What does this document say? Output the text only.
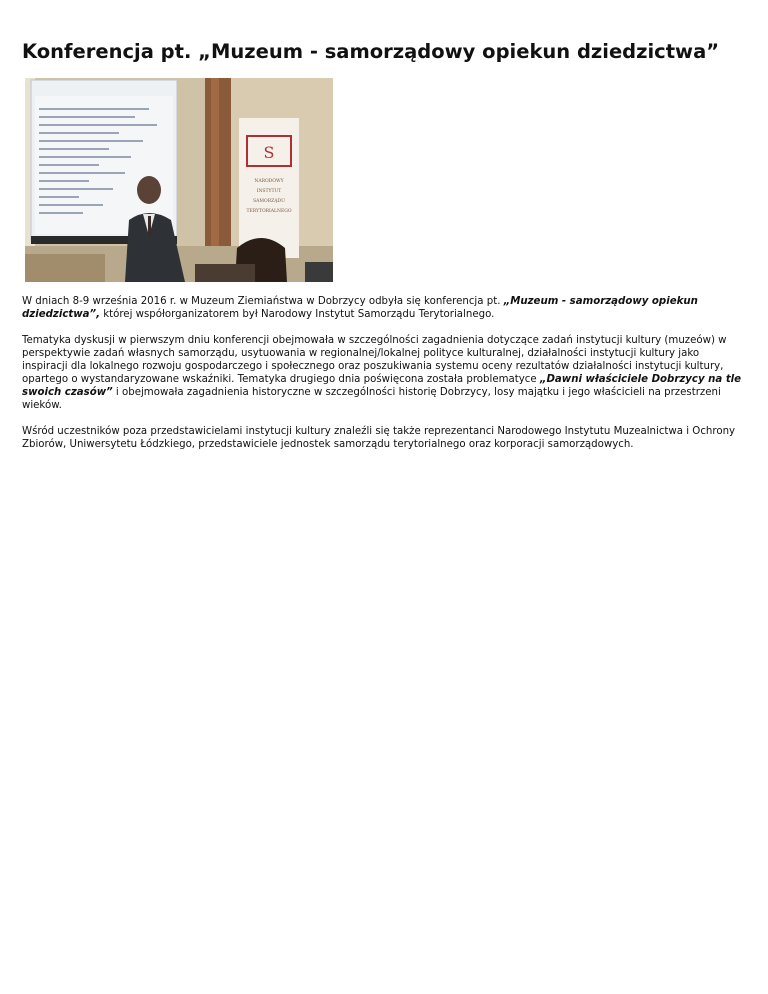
Konferencja pt. „Muzeum - samorządowy opiekun dziedzictwa”
S
NARODOWY
INSTYTUT
SAMORZĄDU
TERYTORIALNEGO

W dniach 8-9 września 2016 r. w Muzeum Ziemiaństwa w Dobrzycy odbyła się konferencja pt. „Muzeum - samorządowy opiekun dziedzictwa”, której współorganizatorem był Narodowy Instytut Samorządu Terytorialnego.

Tematyka dyskusji w pierwszym dniu konferencji obejmowała w szczególności zagadnienia dotyczące zadań instytucji kultury (muzeów) w perspektywie zadań własnych samorządu, usytuowania w regionalnej/lokalnej polityce kulturalnej, działalności instytucji kultury jako inspiracji dla lokalnego rozwoju gospodarczego i społecznego oraz poszukiwania systemu oceny rezultatów działalności instytucji kultury, opartego o wystandaryzowane wskaźniki. Tematyka drugiego dnia poświęcona została problematyce „Dawni właściciele Dobrzycy na tle swoich czasów” i obejmowała zagadnienia historyczne w szczególności historię Dobrzycy, losy majątku i jego właścicieli na przestrzeni wieków.

Wśród uczestników poza przedstawicielami instytucji kultury znaleźli się także reprezentanci Narodowego Instytutu Muzealnictwa i Ochrony Zbiorów, Uniwersytetu Łódzkiego, przedstawiciele jednostek samorządu terytorialnego oraz korporacji samorządowych.
